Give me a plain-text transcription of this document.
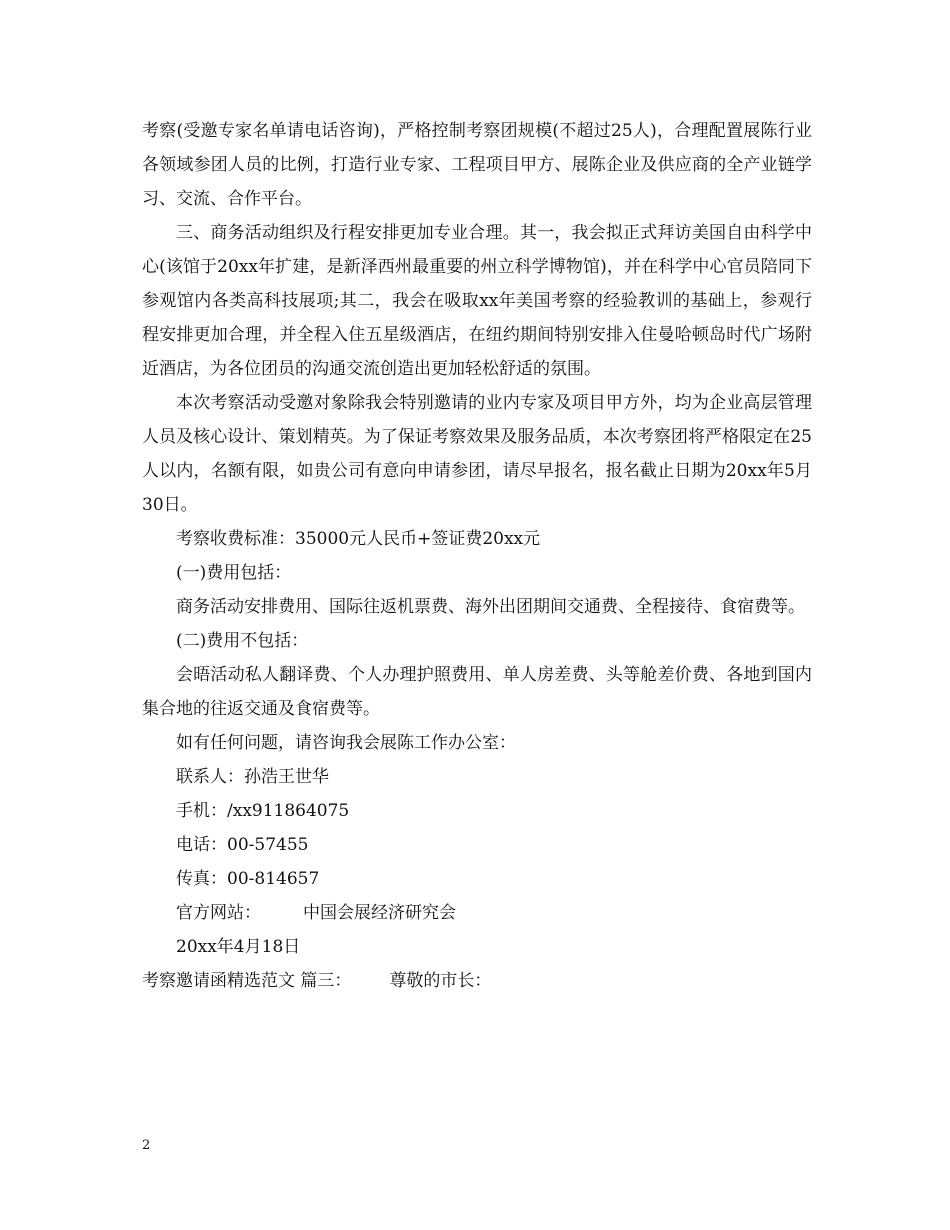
考察(受邀专家名单请电话咨询)，严格控制考察团规模(不超过25人)，合理配置展陈行业各领域参团人员的比例，打造行业专家、工程项目甲方、展陈企业及供应商的全产业链学习、交流、合作平台。

三、商务活动组织及行程安排更加专业合理。其一，我会拟正式拜访美国自由科学中心(该馆于20xx年扩建，是新泽西州最重要的州立科学博物馆)，并在科学中心官员陪同下参观馆内各类高科技展项;其二，我会在吸取xx年美国考察的经验教训的基础上，参观行程安排更加合理，并全程入住五星级酒店，在纽约期间特别安排入住曼哈顿岛时代广场附近酒店，为各位团员的沟通交流创造出更加轻松舒适的氛围。

本次考察活动受邀对象除我会特别邀请的业内专家及项目甲方外，均为企业高层管理人员及核心设计、策划精英。为了保证考察效果及服务品质，本次考察团将严格限定在25人以内，名额有限，如贵公司有意向申请参团，请尽早报名，报名截止日期为20xx年5月30日。

考察收费标准：35000元人民币+签证费20xx元

(一)费用包括：

商务活动安排费用、国际往返机票费、海外出团期间交通费、全程接待、食宿费等。

(二)费用不包括：

会晤活动私人翻译费、个人办理护照费用、单人房差费、头等舱差价费、各地到国内集合地的往返交通及食宿费等。

如有任何问题，请咨询我会展陈工作办公室：

联系人：孙浩王世华

手机：/xx911864075

电话：00-57455

传真：00-814657

官方网站： 中国会展经济研究会

20xx年4月18日

考察邀请函精选范文 篇三： 尊敬的市长：

2
